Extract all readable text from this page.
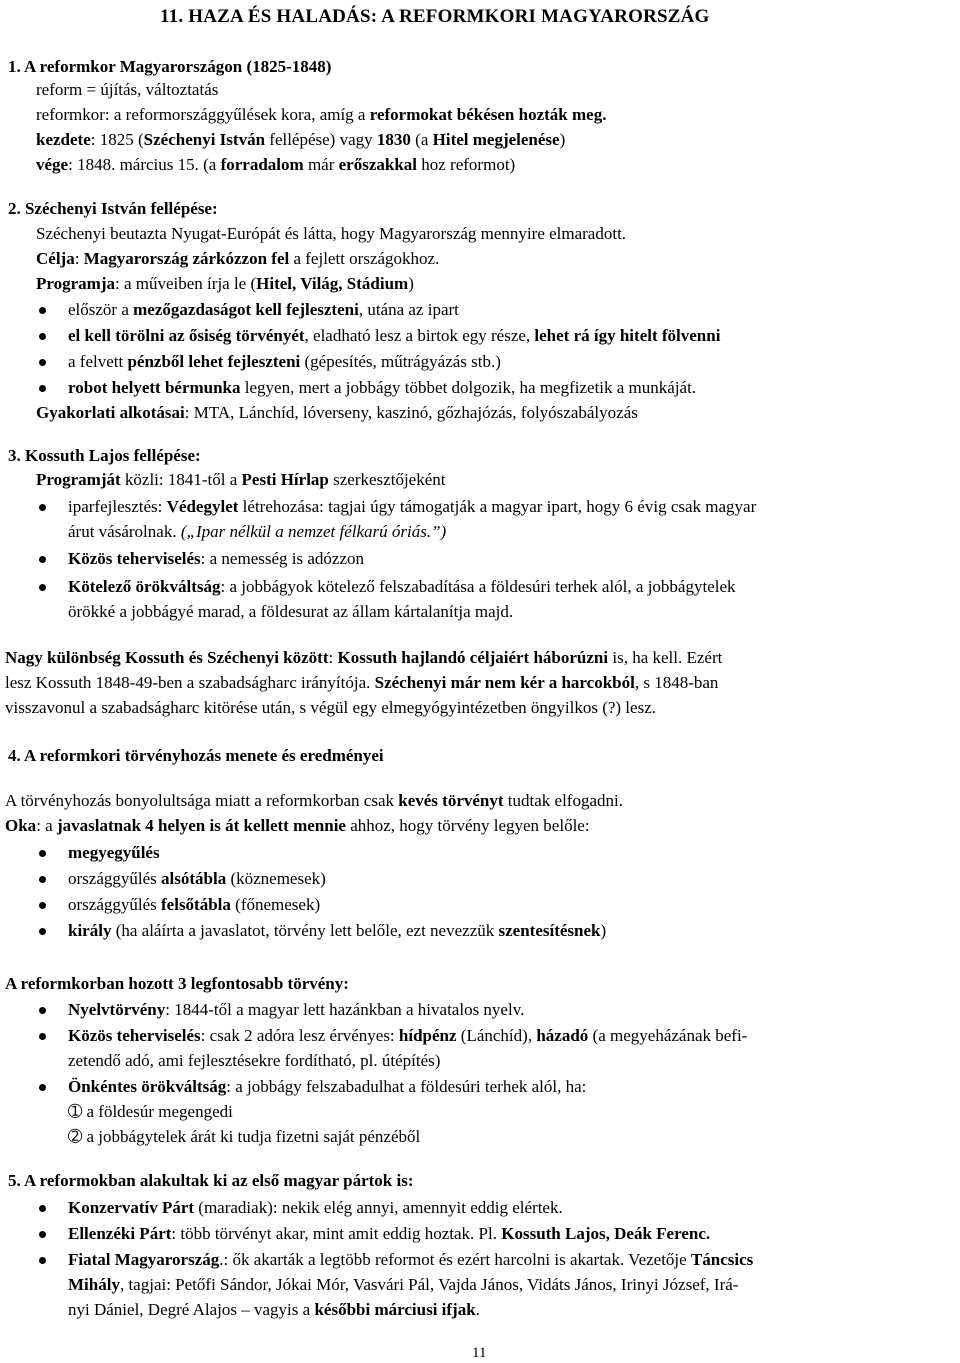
11. HAZA ÉS HALADÁS: A REFORMKORI MAGYARORSZÁG
1. A reformkor Magyarországon (1825-1848)
reform = újítás, változtatás
reformkor: a reformországgyűlések kora, amíg a reformokat békésen hozták meg.
kezdete: 1825 (Széchenyi István fellépése) vagy 1830 (a Hitel megjelenése)
vége: 1848. március 15. (a forradalom már erőszakkal hoz reformot)
2. Széchenyi István fellépése:
Széchenyi beutazta Nyugat-Európát és látta, hogy Magyarország mennyire elmaradott.
Célja: Magyarország zárkózzon fel a fejlett országokhoz.
Programja: a műveiben írja le (Hitel, Világ, Stádium)
először a mezőgazdaságot kell fejleszteni, utána az ipart
el kell törölni az ősiség törvényét, eladható lesz a birtok egy része, lehet rá így hitelt fölvenni
a felvett pénzből lehet fejleszteni (gépesítés, műtrágyázás stb.)
robot helyett bérmunka legyen, mert a jobbágy többet dolgozik, ha megfizetik a munkáját.
Gyakorlati alkotásai: MTA, Lánchíd, lóverseny, kaszinó, gőzhajózás, folyószabályozás
3. Kossuth Lajos fellépése:
Programját közli: 1841-től a Pesti Hírlap szerkesztőjeként
iparfejlesztés: Védegylet létrehozása: tagjai úgy támogatják a magyar ipart, hogy 6 évig csak magyar
árut vásárolnak. („Ipar nélkül a nemzet félkarú óriás.”)
Közös teherviselés: a nemesség is adózzon
Kötelező örökváltság: a jobbágyok kötelező felszabadítása a földesúri terhek alól, a jobbágytelek
örökké a jobbágyé marad, a földesurat az állam kártalanítja majd.
Nagy különbség Kossuth és Széchenyi között: Kossuth hajlandó céljaiért háborúzni is, ha kell. Ezért
lesz Kossuth 1848-49-ben a szabadságharc irányítója. Széchenyi már nem kér a harcokból, s 1848-ban
visszavonul a szabadságharc kitörése után, s végül egy elmegyógyintézetben öngyilkos (?) lesz.
4. A reformkori törvényhozás menete és eredményei
A törvényhozás bonyolultsága miatt a reformkorban csak kevés törvényt tudtak elfogadni.
Oka: a javaslatnak 4 helyen is át kellett mennie ahhoz, hogy törvény legyen belőle:
megyegyűlés
országgyűlés alsótábla (köznemesek)
országgyűlés felsőtábla (főnemesek)
király (ha aláírta a javaslatot, törvény lett belőle, ezt nevezzük szentesítésnek)
A reformkorban hozott 3 legfontosabb törvény:
Nyelvtörvény: 1844-től a magyar lett hazánkban a hivatalos nyelv.
Közös teherviselés: csak 2 adóra lesz érvényes: hídpénz (Lánchíd), házadó (a megyeházának befi-
zetendő adó, ami fejlesztésekre fordítható, pl. útépítés)
Önkéntes örökváltság: a jobbágy felszabadulhat a földesúri terhek alól, ha:
➀ a földesúr megengedi
➁ a jobbágytelek árát ki tudja fizetni saját pénzéből
5. A reformokban alakultak ki az első magyar pártok is:
Konzervatív Párt (maradiak): nekik elég annyi, amennyit eddig elértek.
Ellenzéki Párt: több törvényt akar, mint amit eddig hoztak. Pl. Kossuth Lajos, Deák Ferenc.
Fiatal Magyarország.: ők akarták a legtöbb reformot és ezért harcolni is akartak. Vezetője Táncsics
Mihály, tagjai: Petőfi Sándor, Jókai Mór, Vasvári Pál, Vajda János, Vidáts János, Irinyi József, Irá-
nyi Dániel, Degré Alajos – vagyis a későbbi márciusi ifjak.
11
